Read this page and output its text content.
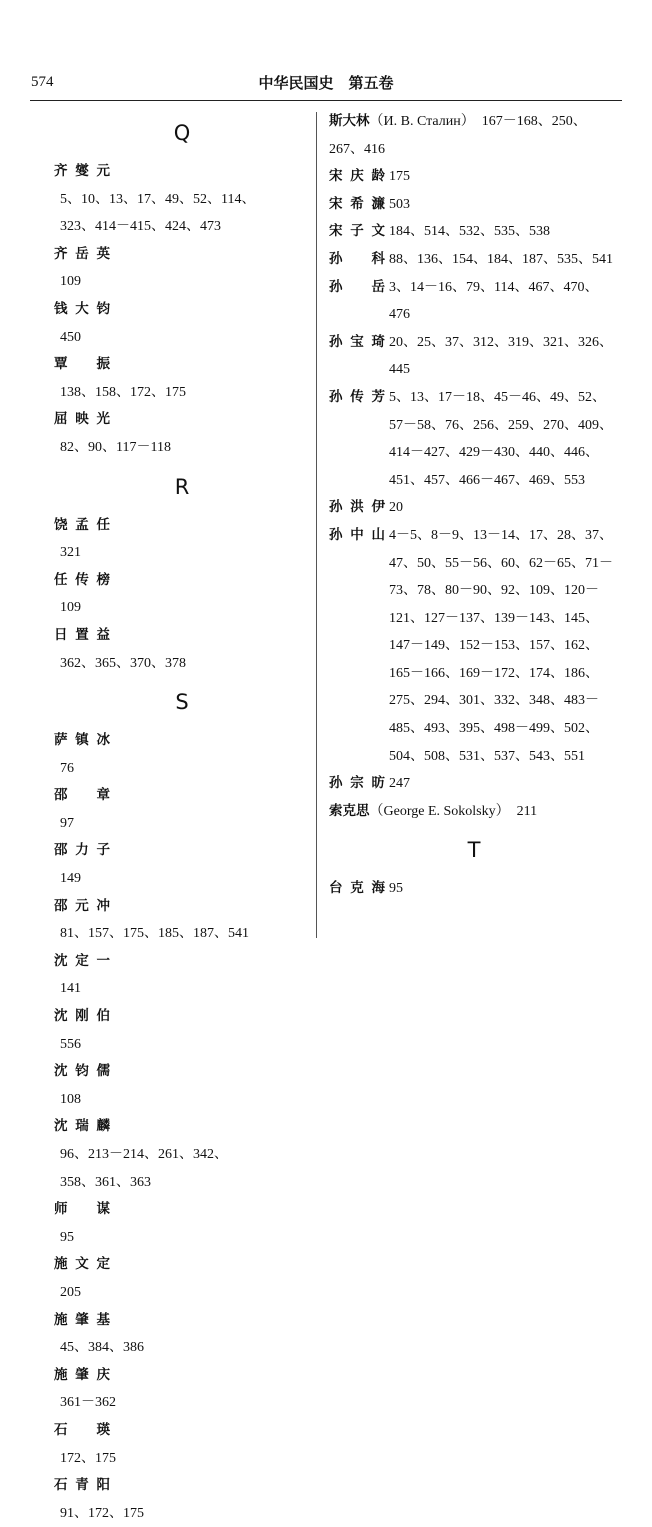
574	中华民国史　第五卷
Q
齐燮元5、10、13、17、49、52、114、323、414－415、424、473
齐岳英109
钱大钧450
覃振138、158、172、175
屈映光82、90、117－118
R
饶孟任321
任传榜109
日置益362、365、370、378
S
萨镇冰76
邵章97
邵力子149
邵元冲81、157、175、185、187、541
沈定一141
沈刚伯556
沈钧儒108
沈瑞麟96、213－214、261、342、358、361、363
师谋95
施文定205
施肇基45、384、386
施肇庆361－362
石瑛172、175
石青阳91、172、175
斯大林（И. В. Сталин）　167－168、250、267、416
宋庆龄 175
宋希濂 503
宋子文 184、514、532、535、538
孙科 88、136、154、184、187、535、541
孙岳 3、14－16、79、114、467、470、476
孙宝琦 20、25、37、312、319、321、326、445
孙传芳 5、13、17－18、45－46、49、52、57－58、76、256、259、270、409、414－427、429－430、440、446、451、457、466－467、469、553
孙洪伊 20
孙中山 4－5、8－9、13－14、17、28、37、47、50、55－56、60、62－65、71－73、78、80－90、92、109、120－121、127－137、139－143、145、147－149、152－153、157、162、165－166、169－172、174、186、275、294、301、332、348、483－485、493、395、498－499、502、504、508、531、537、543、551
孙宗昉 247
索克思（George E. Sokolsky）　211
T
台克海 95
